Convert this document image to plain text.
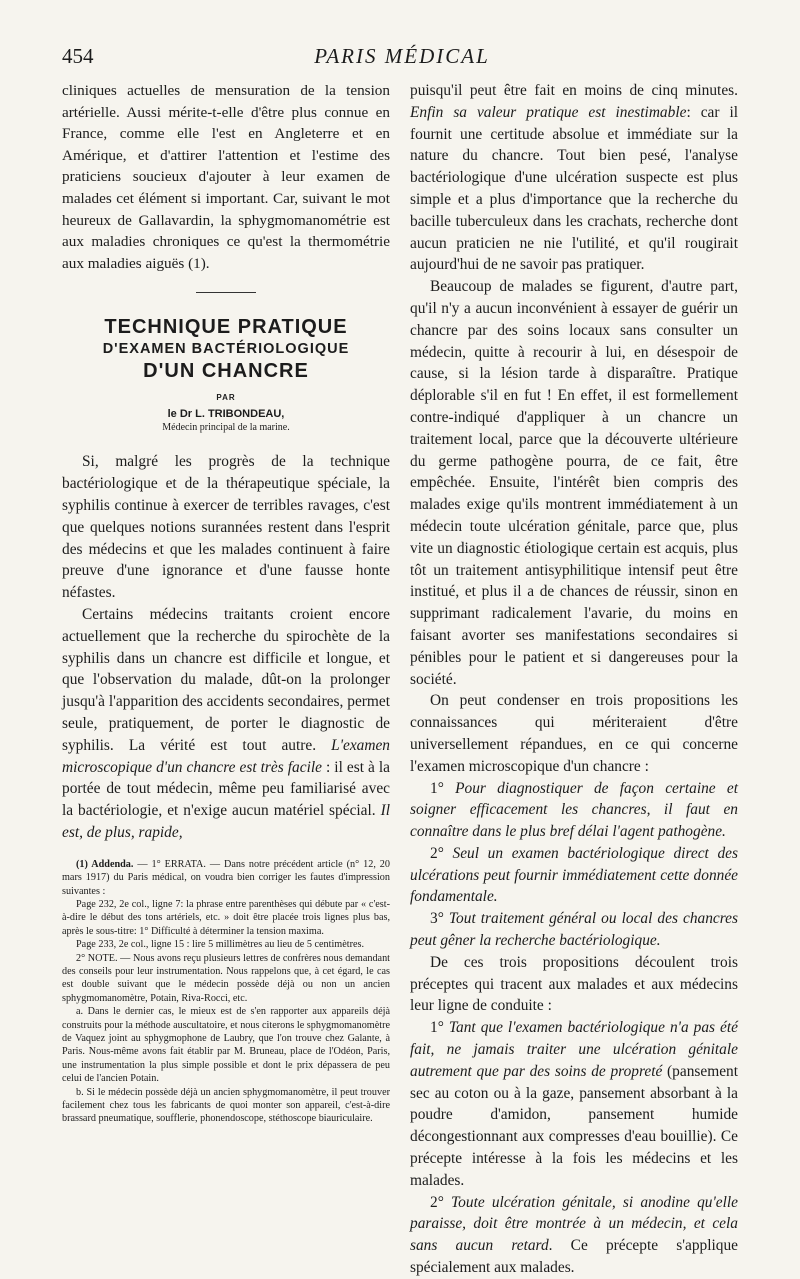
454	PARIS MÉDICAL

cliniques actuelles de mensuration de la tension artérielle. Aussi mérite-t-elle d'être plus connue en France, comme elle l'est en Angleterre et en Amérique, et d'attirer l'attention et l'estime des praticiens soucieux d'ajouter à leur examen de malades cet élément si important. Car, suivant le mot heureux de Gallavardin, la sphygmomanométrie est aux maladies chroniques ce qu'est la thermométrie aux maladies aiguës (1).

TECHNIQUE PRATIQUE
D'EXAMEN BACTÉRIOLOGIQUE
D'UN CHANCRE
PAR
le Dr L. TRIBONDEAU,
Médecin principal de la marine.

Si, malgré les progrès de la technique bactériologique et de la thérapeutique spéciale, la syphilis continue à exercer de terribles ravages, c'est que quelques notions surannées restent dans l'esprit des médecins et que les malades continuent à faire preuve d'une ignorance et d'une fausse honte néfastes.

Certains médecins traitants croient encore actuellement que la recherche du spirochète de la syphilis dans un chancre est difficile et longue, et que l'observation du malade, dût-on la prolonger jusqu'à l'apparition des accidents secondaires, permet seule, pratiquement, de porter le diagnostic de syphilis. La vérité est tout autre. L'examen microscopique d'un chancre est très facile : il est à la portée de tout médecin, même peu familiarisé avec la bactériologie, et n'exige aucun matériel spécial. Il est, de plus, rapide,

(1) Addenda. — 1° ERRATA. — Dans notre précédent article (n° 12, 20 mars 1917) du Paris médical, on voudra bien corriger les fautes d'impression suivantes :

Page 232, 2e col., ligne 7: la phrase entre parenthèses qui débute par « c'est-à-dire le début des tons artériels, etc. » doit être placée trois lignes plus bas, après le sous-titre: 1° Difficulté à déterminer la tension maxima.

Page 233, 2e col., ligne 15 : lire 5 millimètres au lieu de 5 centimètres.

2° NOTE. — Nous avons reçu plusieurs lettres de confrères nous demandant des conseils pour leur instrumentation. Nous rappelons que, à cet égard, le cas est double suivant que le médecin possède déjà ou non un ancien sphygmomanomètre, Potain, Riva-Rocci, etc.

a. Dans le dernier cas, le mieux est de s'en rapporter aux appareils déjà construits pour la méthode auscultatoire, et nous citerons le sphygmomanomètre de Vaquez joint au sphygmophone de Laubry, que l'on trouve chez Galante, à Paris. Nous-même avons fait établir par M. Bruneau, place de l'Odéon, Paris, une instrumentation la plus simple possible et dont le prix dépassera de peu celui de l'ancien Potain.

b. Si le médecin possède déjà un ancien sphygmomanomètre, il peut trouver facilement chez tous les fabricants de quoi monter son appareil, c'est-à-dire brassard pneumatique, soufflerie, phonendoscope, stéthoscope biauriculaire.

puisqu'il peut être fait en moins de cinq minutes. Enfin sa valeur pratique est inestimable: car il fournit une certitude absolue et immédiate sur la nature du chancre. Tout bien pesé, l'analyse bactériologique d'une ulcération suspecte est plus simple et a plus d'importance que la recherche du bacille tuberculeux dans les crachats, recherche dont aucun praticien ne nie l'utilité, et qu'il rougirait aujourd'hui de ne savoir pas pratiquer.

Beaucoup de malades se figurent, d'autre part, qu'il n'y a aucun inconvénient à essayer de guérir un chancre par des soins locaux sans consulter un médecin, quitte à recourir à lui, en désespoir de cause, si la lésion tarde à disparaître. Pratique déplorable s'il en fut ! En effet, il est formellement contre-indiqué d'appliquer à un chancre un traitement local, parce que la découverte ultérieure du germe pathogène pourra, de ce fait, être empêchée. Ensuite, l'intérêt bien compris des malades exige qu'ils montrent immédiatement à un médecin toute ulcération génitale, parce que, plus vite un diagnostic étiologique certain est acquis, plus tôt un traitement antisyphilitique intensif peut être institué, et plus il a de chances de réussir, sinon en supprimant radicalement l'avarie, du moins en faisant avorter ses manifestations secondaires si pénibles pour le patient et si dangereuses pour la société.

On peut condenser en trois propositions les connaissances qui mériteraient d'être universellement répandues, en ce qui concerne l'examen microscopique d'un chancre :

1° Pour diagnostiquer de façon certaine et soigner efficacement les chancres, il faut en connaître dans le plus bref délai l'agent pathogène.

2° Seul un examen bactériologique direct des ulcérations peut fournir immédiatement cette donnée fondamentale.

3° Tout traitement général ou local des chancres peut gêner la recherche bactériologique.

De ces trois propositions découlent trois préceptes qui tracent aux malades et aux médecins leur ligne de conduite :

1° Tant que l'examen bactériologique n'a pas été fait, ne jamais traiter une ulcération génitale autrement que par des soins de propreté (pansement sec au coton ou à la gaze, pansement absorbant à la poudre d'amidon, pansement humide décongestionnant aux compresses d'eau bouillie). Ce précepte intéresse à la fois les médecins et les malades.

2° Toute ulcération génitale, si anodine qu'elle paraisse, doit être montrée à un médecin, et cela sans aucun retard. Ce précepte s'applique spécialement aux malades.
